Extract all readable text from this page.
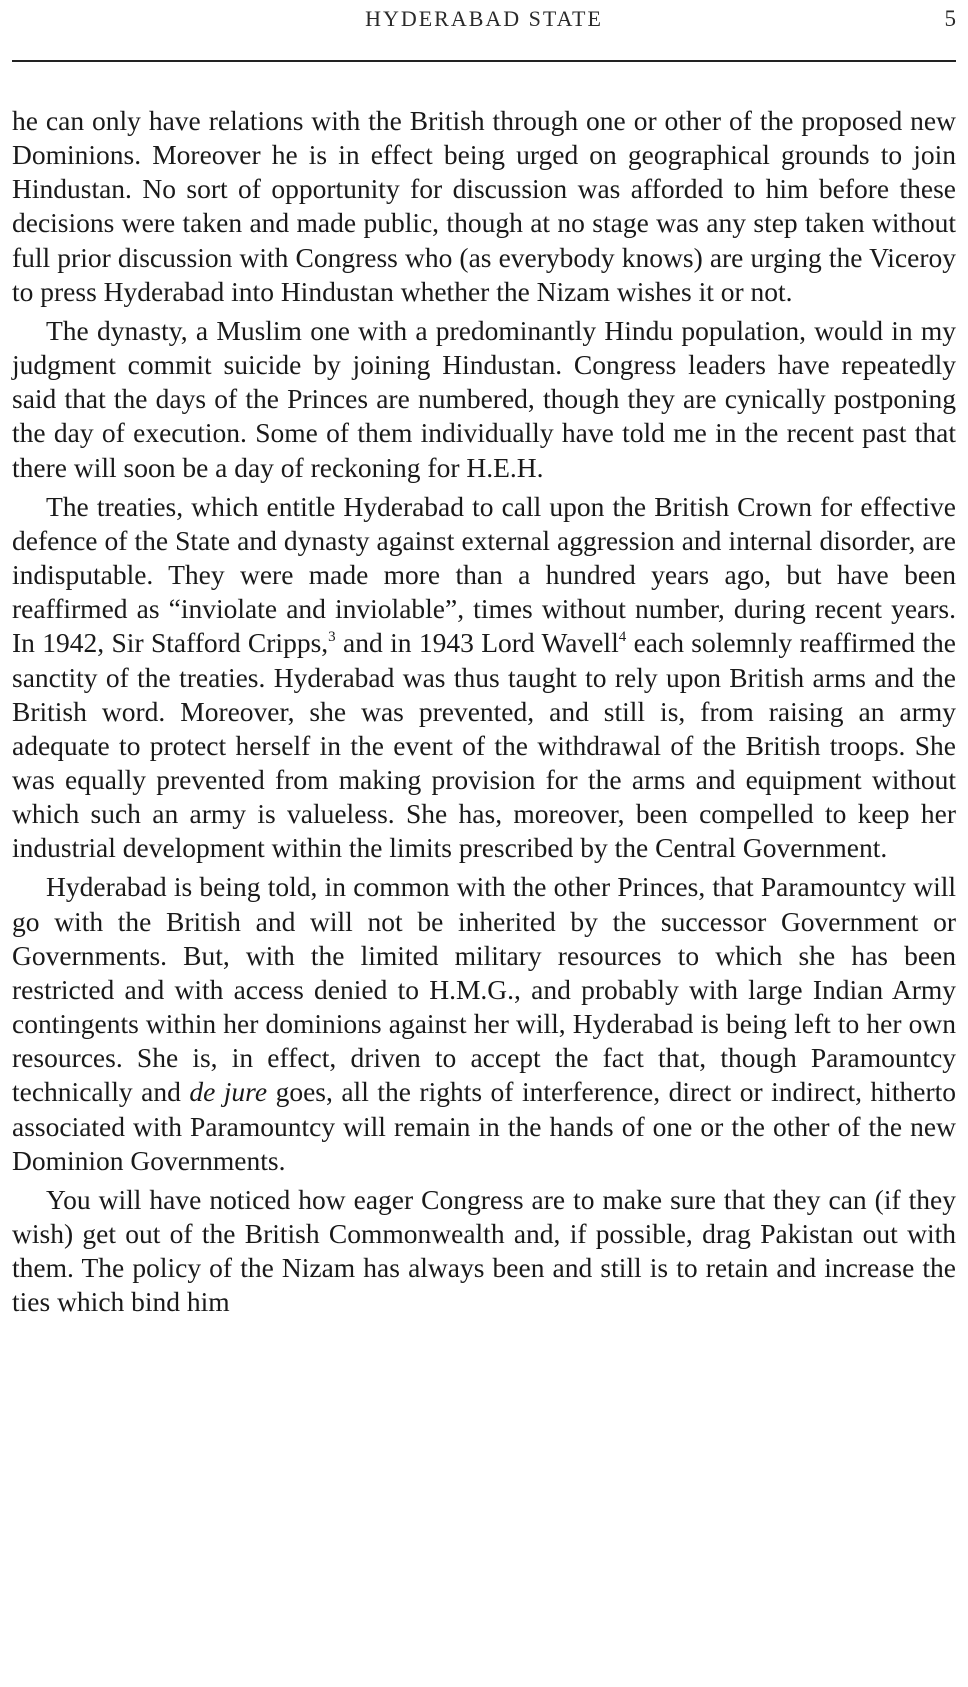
HYDERABAD STATE	5

he can only have relations with the British through one or other of the proposed new Dominions. Moreover he is in effect being urged on geographical grounds to join Hindustan. No sort of opportunity for discussion was afforded to him before these decisions were taken and made public, though at no stage was any step taken without full prior discussion with Congress who (as everybody knows) are urging the Viceroy to press Hyderabad into Hindustan whether the Nizam wishes it or not.

The dynasty, a Muslim one with a predominantly Hindu population, would in my judgment commit suicide by joining Hindustan. Congress leaders have repeatedly said that the days of the Princes are numbered, though they are cynically postponing the day of execution. Some of them individually have told me in the recent past that there will soon be a day of reckoning for H.E.H.

The treaties, which entitle Hyderabad to call upon the British Crown for effective defence of the State and dynasty against external aggression and internal disorder, are indisputable. They were made more than a hundred years ago, but have been reaffirmed as “inviolate and inviolable”, times without number, during recent years. In 1942, Sir Stafford Cripps,$^3$ and in 1943 Lord Wavell$^4$ each solemnly reaffirmed the sanctity of the treaties. Hyderabad was thus taught to rely upon British arms and the British word. Moreover, she was prevented, and still is, from raising an army adequate to protect herself in the event of the withdrawal of the British troops. She was equally prevented from making provision for the arms and equipment without which such an army is valueless. She has, moreover, been compelled to keep her industrial development within the limits prescribed by the Central Government.

Hyderabad is being told, in common with the other Princes, that Paramountcy will go with the British and will not be inherited by the successor Government or Governments. But, with the limited military resources to which she has been restricted and with access denied to H.M.G., and probably with large Indian Army contingents within her dominions against her will, Hyderabad is being left to her own resources. She is, in effect, driven to accept the fact that, though Paramountcy technically and de jure goes, all the rights of interference, direct or indirect, hitherto associated with Paramountcy will remain in the hands of one or the other of the new Dominion Governments.

You will have noticed how eager Congress are to make sure that they can (if they wish) get out of the British Commonwealth and, if possible, drag Pakistan out with them. The policy of the Nizam has always been and still is to retain and increase the ties which bind him
